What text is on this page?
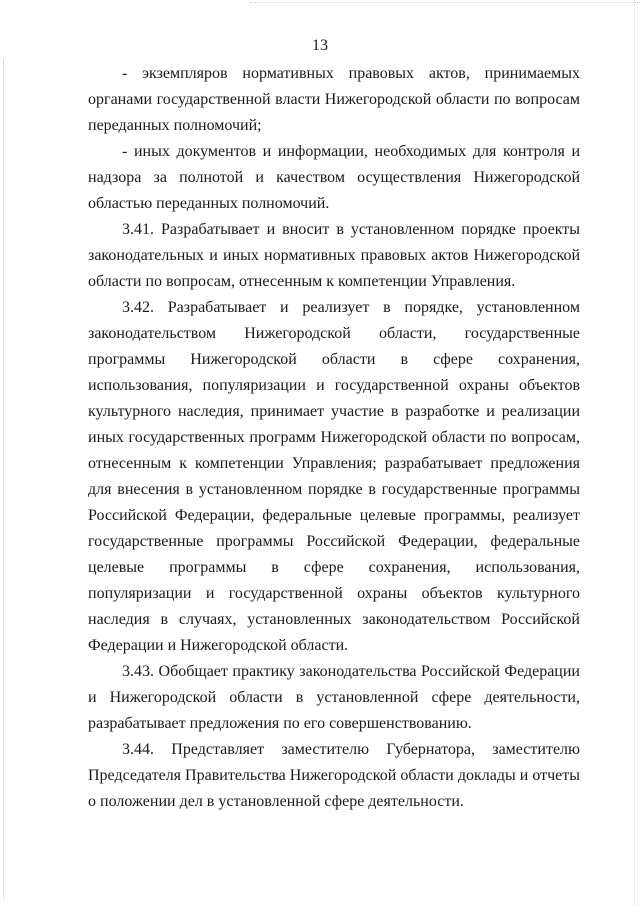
13

- экземпляров нормативных правовых актов, принимаемых органами государственной власти Нижегородской области по вопросам переданных полномочий;

- иных документов и информации, необходимых для контроля и надзора за полнотой и качеством осуществления Нижегородской областью переданных полномочий.

3.41. Разрабатывает и вносит в установленном порядке проекты законодательных и иных нормативных правовых актов Нижегородской области по вопросам, отнесенным к компетенции Управления.

3.42. Разрабатывает и реализует в порядке, установленном законодательством Нижегородской области, государственные программы Нижегородской области в сфере сохранения, использования, популяризации и государственной охраны объектов культурного наследия, принимает участие в разработке и реализации иных государственных программ Нижегородской области по вопросам, отнесенным к компетенции Управления; разрабатывает предложения для внесения в установленном порядке в государственные программы Российской Федерации, федеральные целевые программы, реализует государственные программы Российской Федерации, федеральные целевые программы в сфере сохранения, использования, популяризации и государственной охраны объектов культурного наследия в случаях, установленных законодательством Российской Федерации и Нижегородской области.

3.43. Обобщает практику законодательства Российской Федерации и Нижегородской области в установленной сфере деятельности, разрабатывает предложения по его совершенствованию.

3.44. Представляет заместителю Губернатора, заместителю Председателя Правительства Нижегородской области доклады и отчеты о положении дел в установленной сфере деятельности.
